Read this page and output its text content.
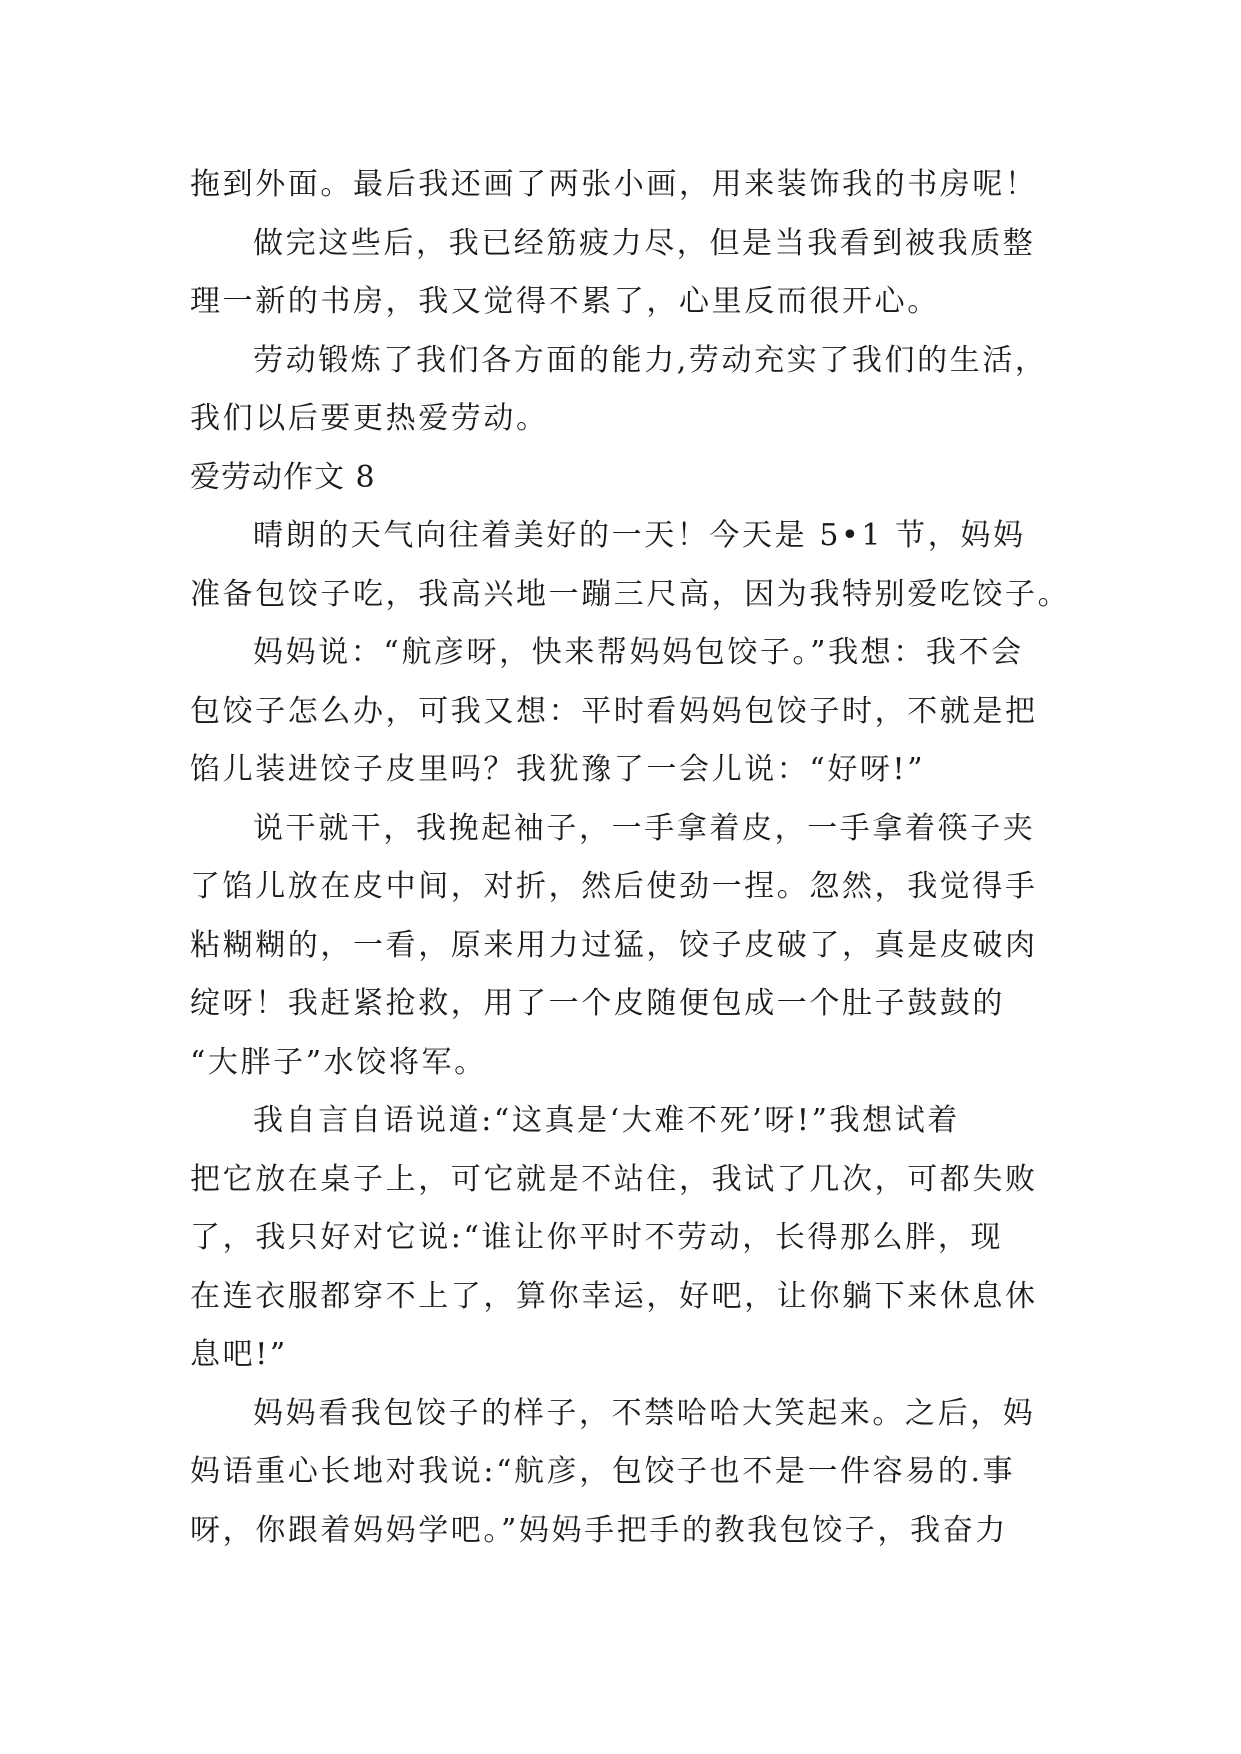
拖到外面。最后我还画了两张小画，用来装饰我的书房呢！
做完这些后，我已经筋疲力尽，但是当我看到被我质整
理一新的书房，我又觉得不累了，心里反而很开心。
劳动锻炼了我们各方面的能力,劳动充实了我们的生活，
我们以后要更热爱劳动。
爱劳动作文 8
晴朗的天气向往着美好的一天！今天是 5•1 节，妈妈
准备包饺子吃，我高兴地一蹦三尺高，因为我特别爱吃饺子。
妈妈说：“航彦呀，快来帮妈妈包饺子。”我想：我不会
包饺子怎么办，可我又想：平时看妈妈包饺子时，不就是把
馅儿装进饺子皮里吗？我犹豫了一会儿说：“好呀!”
说干就干，我挽起袖子，一手拿着皮，一手拿着筷子夹
了馅儿放在皮中间，对折，然后使劲一捏。忽然，我觉得手
粘糊糊的，一看，原来用力过猛，饺子皮破了，真是皮破肉
绽呀！我赶紧抢救，用了一个皮随便包成一个肚子鼓鼓的
“大胖子”水饺将军。
我自言自语说道:“这真是‘大难不死’呀!”我想试着
把它放在桌子上，可它就是不站住，我试了几次，可都失败
了，我只好对它说:“谁让你平时不劳动，长得那么胖，现
在连衣服都穿不上了，算你幸运，好吧，让你躺下来休息休
息吧!”
妈妈看我包饺子的样子，不禁哈哈大笑起来。之后，妈
妈语重心长地对我说:“航彦，包饺子也不是一件容易的.事
呀，你跟着妈妈学吧。”妈妈手把手的教我包饺子，我奋力
